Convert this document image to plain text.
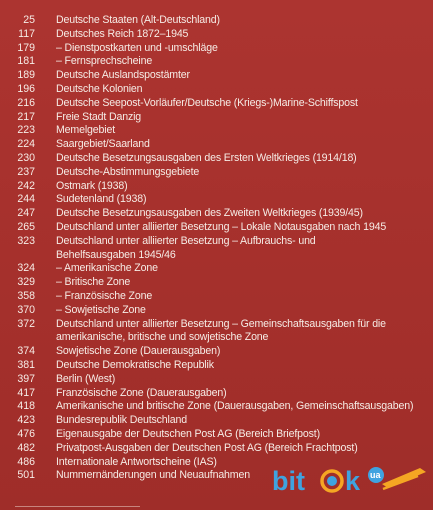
25 Deutsche Staaten (Alt-Deutschland)
117 Deutsches Reich 1872–1945
179 – Dienstpostkarten und -umschläge
181 – Fernsprechscheine
189 Deutsche Auslandspostämter
196 Deutsche Kolonien
216 Deutsche Seepost-Vorläufer/Deutsche (Kriegs-)Marine-Schiffspost
217 Freie Stadt Danzig
223 Memelgebiet
224 Saargebiet/Saarland
230 Deutsche Besetzungsausgaben des Ersten Weltkrieges (1914/18)
237 Deutsche-Abstimmungsgebiete
242 Ostmark (1938)
244 Sudetenland (1938)
247 Deutsche Besetzungsausgaben des Zweiten Weltkrieges (1939/45)
265 Deutschland unter alliierter Besetzung – Lokale Notausgaben nach 1945
323 Deutschland unter alliierter Besetzung – Aufbrauchs- und
Behelfsausgaben 1945/46
324 – Amerikanische Zone
329 – Britische Zone
358 – Französische Zone
370 – Sowjetische Zone
372 Deutschland unter alliierter Besetzung – Gemeinschaftsausgaben für die
amerikanische, britische und sowjetische Zone
374 Sowjetische Zone (Dauerausgaben)
381 Deutsche Demokratische Republik
397 Berlin (West)
417 Französische Zone (Dauerausgaben)
418 Amerikanische und britische Zone (Dauerausgaben, Gemeinschaftsausgaben)
423 Bundesrepublik Deutschland
476 Eigenausgabe der Deutschen Post AG (Bereich Briefpost)
482 Privatpost-Ausgaben der Deutschen Post AG (Bereich Frachtpost)
486 Internationale Antwortscheine (IAS)
501 Nummernänderungen und Neuaufnahmen bit k ua
